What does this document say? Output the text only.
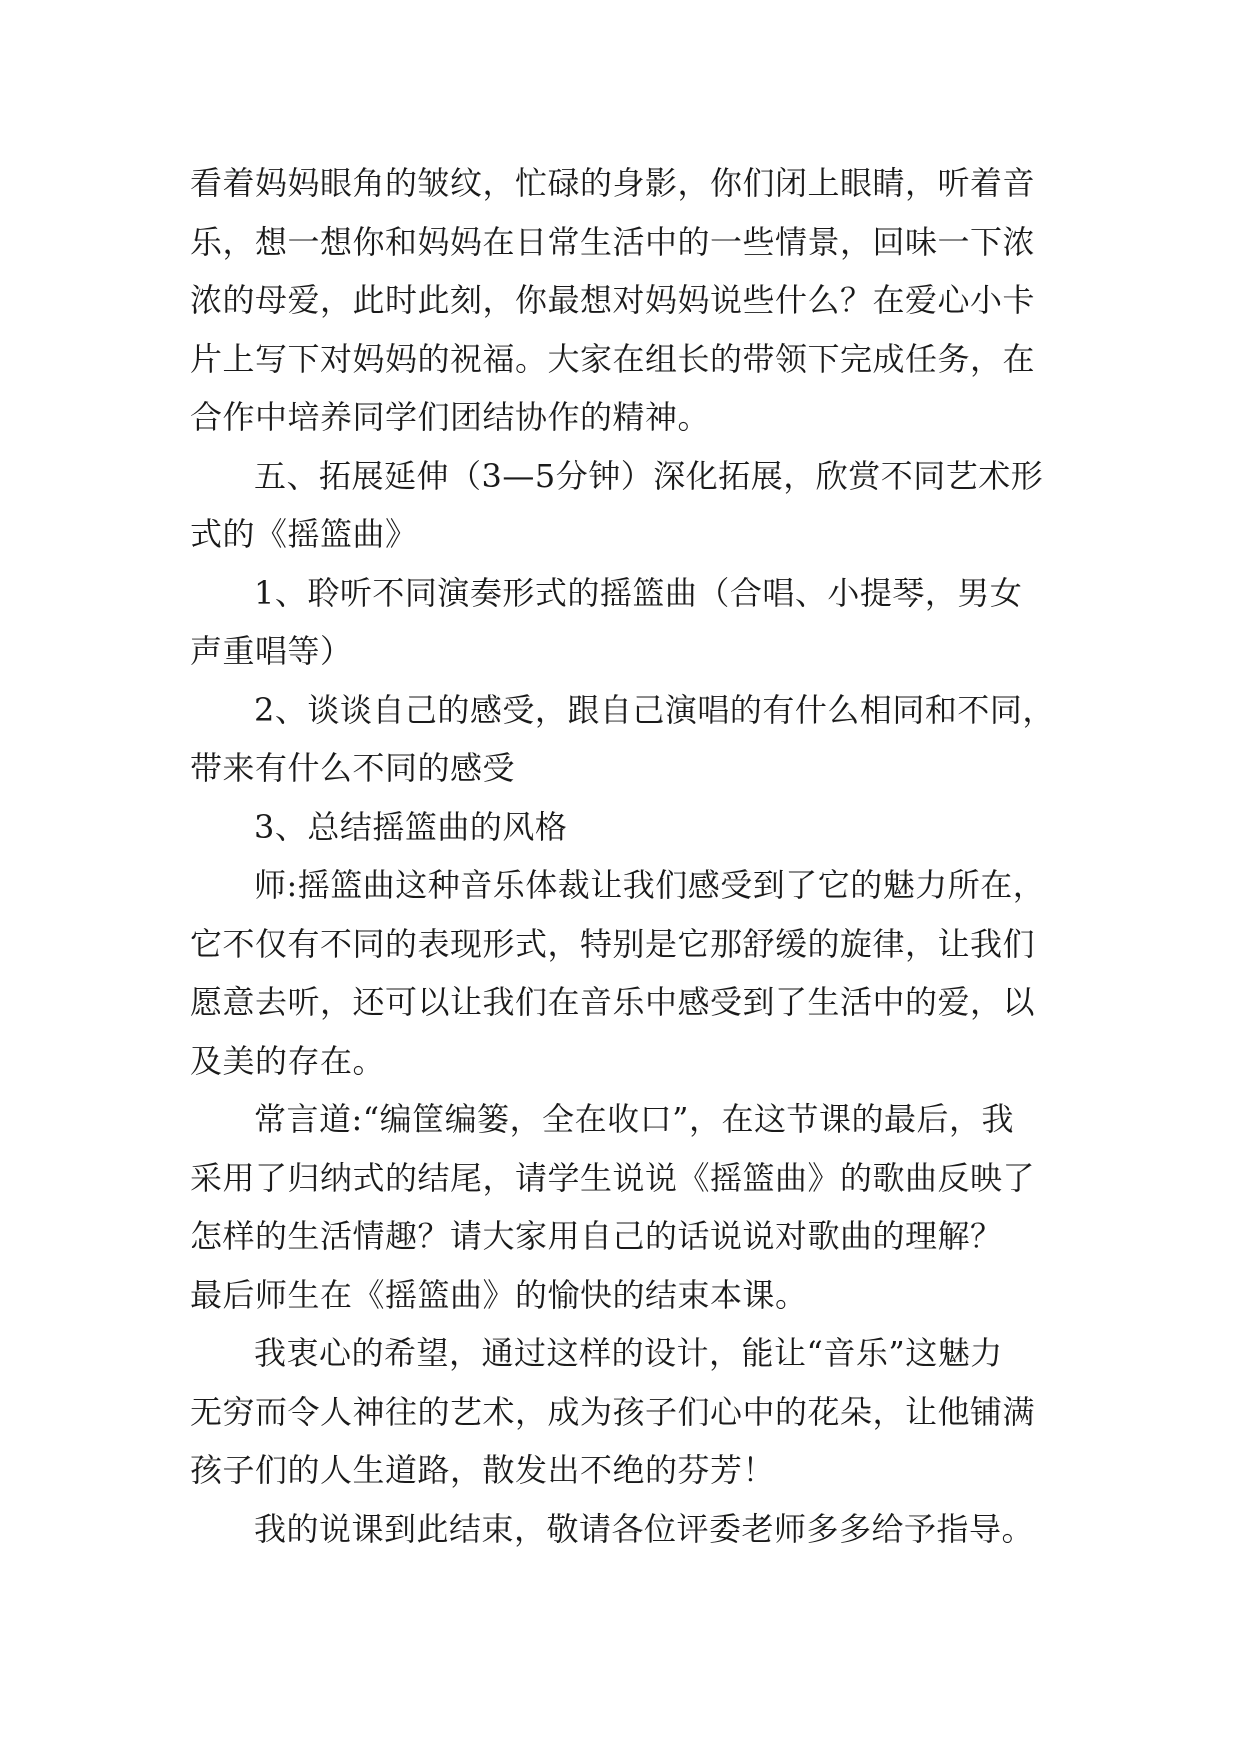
看着妈妈眼角的皱纹，忙碌的身影，你们闭上眼睛，听着音
乐，想一想你和妈妈在日常生活中的一些情景，回味一下浓
浓的母爱，此时此刻，你最想对妈妈说些什么？在爱心小卡
片上写下对妈妈的祝福。大家在组长的带领下完成任务，在
合作中培养同学们团结协作的精神。
五、拓展延伸（3—5分钟）深化拓展，欣赏不同艺术形
式的《摇篮曲》
1、聆听不同演奏形式的摇篮曲（合唱、小提琴，男女
声重唱等）
2、谈谈自己的感受，跟自己演唱的有什么相同和不同，
带来有什么不同的感受
3、总结摇篮曲的风格
师:摇篮曲这种音乐体裁让我们感受到了它的魅力所在，
它不仅有不同的表现形式，特别是它那舒缓的旋律，让我们
愿意去听，还可以让我们在音乐中感受到了生活中的爱，以
及美的存在。
常言道:“编筐编篓，全在收口”，在这节课的最后，我
采用了归纳式的结尾，请学生说说《摇篮曲》的歌曲反映了
怎样的生活情趣？请大家用自己的话说说对歌曲的理解？
最后师生在《摇篮曲》的愉快的结束本课。
我衷心的希望，通过这样的设计，能让“音乐”这魅力
无穷而令人神往的艺术，成为孩子们心中的花朵，让他铺满
孩子们的人生道路，散发出不绝的芬芳！
我的说课到此结束，敬请各位评委老师多多给予指导。
